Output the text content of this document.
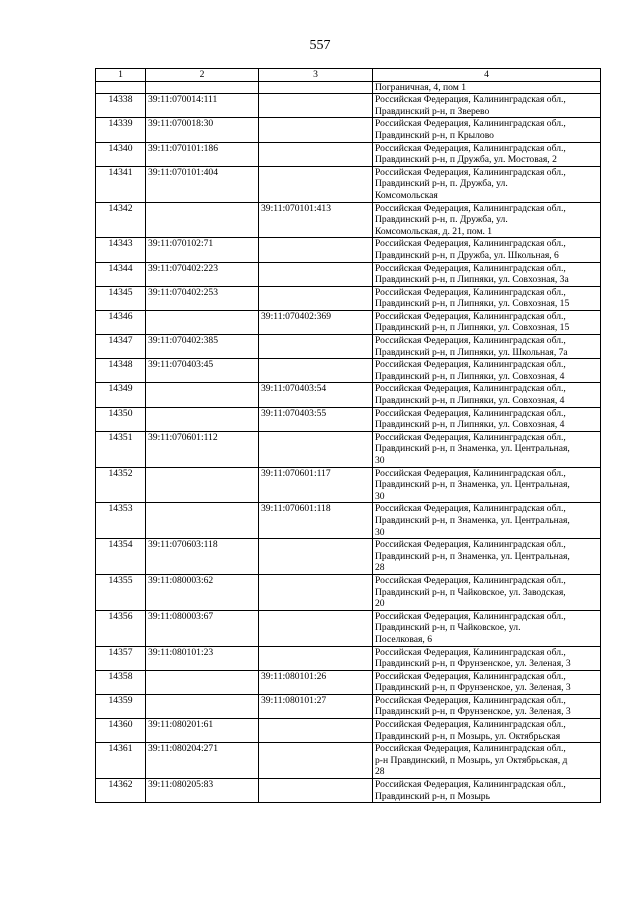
557
1	2	3	4
			Пограничная, 4, пом 1
14338	39:11:070014:111		Российская Федерация, Калининградская обл.,
Правдинский р-н, п Зверево

14339	39:11:070018:30		Российская Федерация, Калининградская обл.,
Правдинский р-н, п Крылово

14340	39:11:070101:186		Российская Федерация, Калининградская обл.,
Правдинский р-н, п Дружба, ул. Мостовая, 2

14341	39:11:070101:404		Российская Федерация, Калининградская обл.,
Правдинский р-н, п. Дружба, ул.
Комсомольская

14342		39:11:070101:413	Российская Федерация, Калининградская обл.,
Правдинский р-н, п. Дружба, ул.
Комсомольская, д. 21, пом. 1

14343	39:11:070102:71		Российская Федерация, Калининградская обл.,
Правдинский р-н, п Дружба, ул. Школьная, 6

14344	39:11:070402:223		Российская Федерация, Калининградская обл.,
Правдинский р-н, п Липняки, ул. Совхозная, 3а

14345	39:11:070402:253		Российская Федерация, Калининградская обл.,
Правдинский р-н, п Липняки, ул. Совхозная, 15

14346		39:11:070402:369	Российская Федерация, Калининградская обл.,
Правдинский р-н, п Липняки, ул. Совхозная, 15

14347	39:11:070402:385		Российская Федерация, Калининградская обл.,
Правдинский р-н, п Липняки, ул. Школьная, 7а

14348	39:11:070403:45		Российская Федерация, Калининградская обл.,
Правдинский р-н, п Липняки, ул. Совхозная, 4

14349		39:11:070403:54	Российская Федерация, Калининградская обл.,
Правдинский р-н, п Липняки, ул. Совхозная, 4

14350		39:11:070403:55	Российская Федерация, Калининградская обл.,
Правдинский р-н, п Липняки, ул. Совхозная, 4

14351	39:11:070601:112		Российская Федерация, Калининградская обл.,
Правдинский р-н, п Знаменка, ул. Центральная,
30

14352		39:11:070601:117	Российская Федерация, Калининградская обл.,
Правдинский р-н, п Знаменка, ул. Центральная,
30

14353		39:11:070601:118	Российская Федерация, Калининградская обл.,
Правдинский р-н, п Знаменка, ул. Центральная,
30

14354	39:11:070603:118		Российская Федерация, Калининградская обл.,
Правдинский р-н, п Знаменка, ул. Центральная,
28

14355	39:11:080003:62		Российская Федерация, Калининградская обл.,
Правдинский р-н, п Чайковское, ул. Заводская,
20

14356	39:11:080003:67		Российская Федерация, Калининградская обл.,
Правдинский р-н, п Чайковское, ул.
Поселковая, 6

14357	39:11:080101:23		Российская Федерация, Калининградская обл.,
Правдинский р-н, п Фрунзенское, ул. Зеленая, 3

14358		39:11:080101:26	Российская Федерация, Калининградская обл.,
Правдинский р-н, п Фрунзенское, ул. Зеленая, 3

14359		39:11:080101:27	Российская Федерация, Калининградская обл.,
Правдинский р-н, п Фрунзенское, ул. Зеленая, 3

14360	39:11:080201:61		Российская Федерация, Калининградская обл.,
Правдинский р-н, п Мозырь, ул. Октябрьская

14361	39:11:080204:271		Российская Федерация, Калининградская обл.,
р-н Правдинский, п Мозырь, ул Октябрьская, д
28

14362	39:11:080205:83		Российская Федерация, Калининградская обл.,
Правдинский р-н, п Мозырь
